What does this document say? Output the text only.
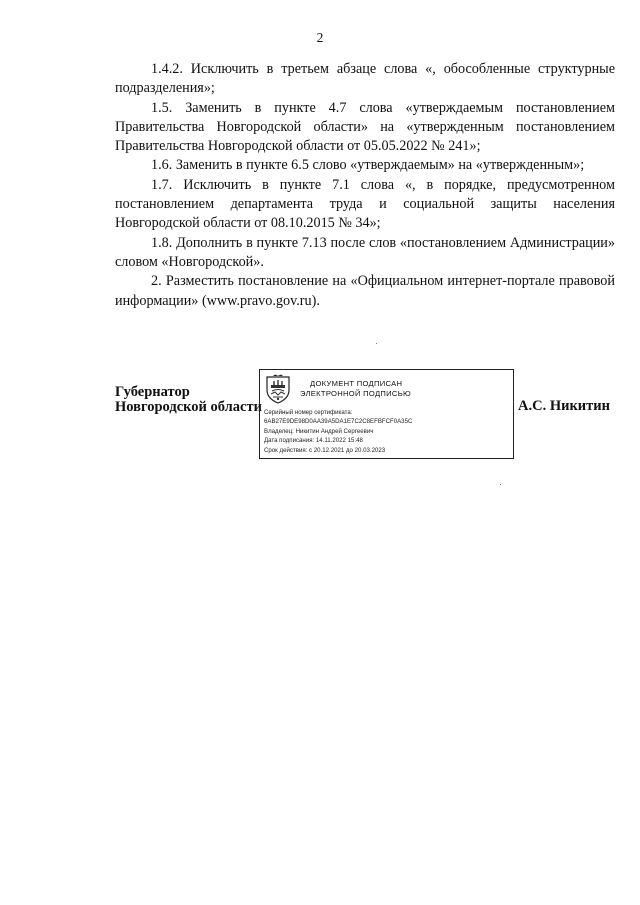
2

1.4.2. Исключить в третьем абзаце слова «, обособленные структурные подразделения»;

1.5. Заменить в пункте 4.7 слова «утверждаемым постановлением Правительства Новгородской области» на «утвержденным постановлением Правительства Новгородской области от 05.05.2022 № 241»;

1.6. Заменить в пункте 6.5 слово «утверждаемым» на «утвержденным»;

1.7. Исключить в пункте 7.1 слова «, в порядке, предусмотренном постановлением департамента труда и социальной защиты населения Новгородской области от 08.10.2015 № 34»;

1.8. Дополнить в пункте 7.13 после слов «постановлением Администрации» словом «Новгородской».

2. Разместить постановление на «Официальном интернет-портале правовой информации» (www.pravo.gov.ru).

Губернатор
Новгородской области
ДОКУМЕНТ ПОДПИСАН
ЭЛЕКТРОННОЙ ПОДПИСЬЮ
Серийный номер сертификата:
6AB27E9DE98D0AA39A5DA1E7C2C8EFBFCF0A35C
Владелец: Никитин Андрей Сергеевич
Дата подписания: 14.11.2022 15:48
Срок действия: с 20.12.2021 до 20.03.2023
А.С. Никитин
